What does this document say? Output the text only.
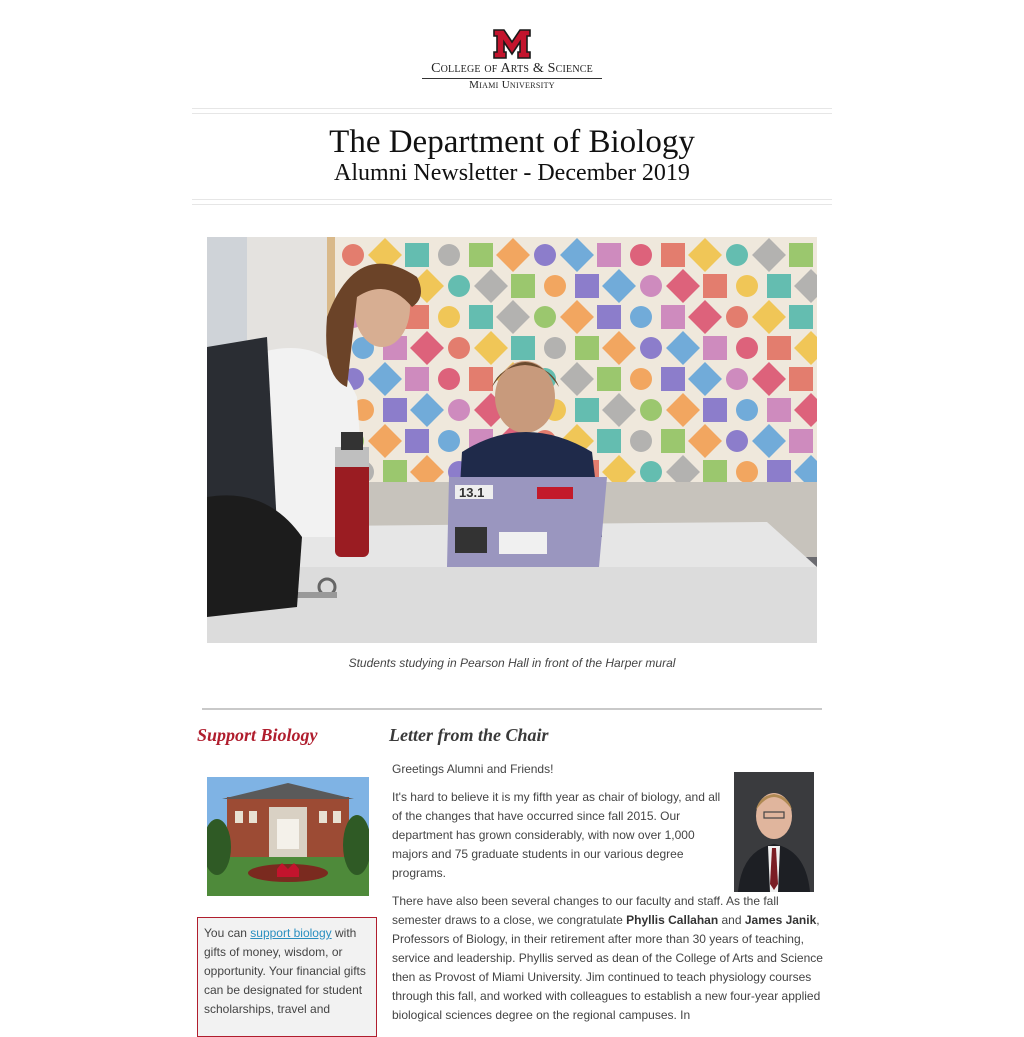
College of Arts & Science
Miami University
The Department of Biology
Alumni Newsletter - December 2019
13.1
Students studying in Pearson Hall in front of the Harper mural
Support Biology
You can support biology with gifts of money, wisdom, or opportunity. Your financial gifts can be designated for student scholarships, travel and
Letter from the Chair
Greetings Alumni and Friends!
It's hard to believe it is my fifth year as chair of biology, and all of the changes that have occurred since fall 2015. Our department has grown considerably, with now over 1,000 majors and 75 graduate students in our various degree programs.
There have also been several changes to our faculty and staff. As the fall semester draws to a close, we congratulate Phyllis Callahan and James Janik, Professors of Biology, in their retirement after more than 30 years of teaching, service and leadership. Phyllis served as dean of the College of Arts and Science then as Provost of Miami University. Jim continued to teach physiology courses through this fall, and worked with colleagues to establish a new four-year applied biological sciences degree on the regional campuses. In
